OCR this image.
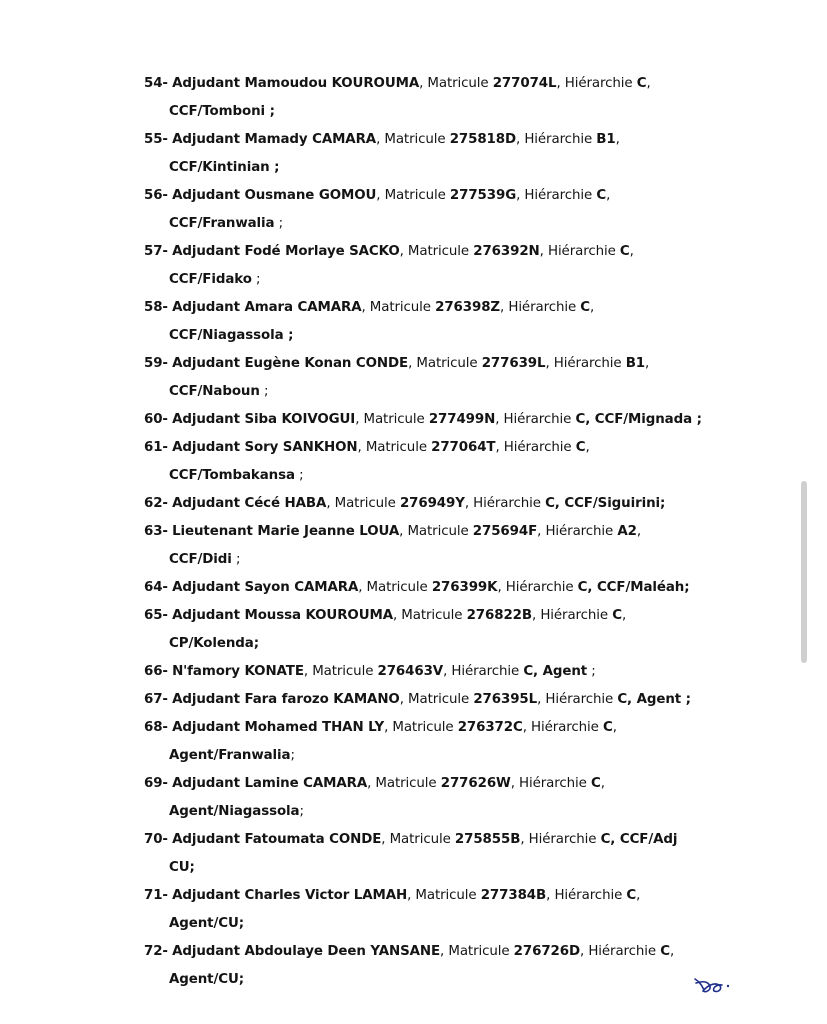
54- Adjudant Mamoudou KOUROUMA, Matricule 277074L, Hiérarchie C,
CCF/Tomboni ;
55- Adjudant Mamady CAMARA, Matricule 275818D, Hiérarchie B1,
CCF/Kintinian ;
56- Adjudant Ousmane GOMOU, Matricule 277539G, Hiérarchie C,
CCF/Franwalia ;
57- Adjudant Fodé Morlaye SACKO, Matricule 276392N, Hiérarchie C,
CCF/Fidako ;
58- Adjudant Amara CAMARA, Matricule 276398Z, Hiérarchie C,
CCF/Niagassola ;
59- Adjudant Eugène Konan CONDE, Matricule 277639L, Hiérarchie B1,
CCF/Naboun ;
60- Adjudant Siba KOIVOGUI, Matricule 277499N, Hiérarchie C, CCF/Mignada ;
61- Adjudant Sory SANKHON, Matricule 277064T, Hiérarchie C,
CCF/Tombakansa ;
62- Adjudant Cécé HABA, Matricule 276949Y, Hiérarchie C, CCF/Siguirini;
63- Lieutenant Marie Jeanne LOUA, Matricule 275694F, Hiérarchie A2,
CCF/Didi ;
64- Adjudant Sayon CAMARA, Matricule 276399K, Hiérarchie C, CCF/Maléah;
65- Adjudant Moussa KOUROUMA, Matricule 276822B, Hiérarchie C,
CP/Kolenda;
66- N'famory KONATE, Matricule 276463V, Hiérarchie C, Agent ;
67- Adjudant Fara farozo KAMANO, Matricule 276395L, Hiérarchie C, Agent ;
68- Adjudant Mohamed THAN LY, Matricule 276372C, Hiérarchie C,
Agent/Franwalia;
69- Adjudant Lamine CAMARA, Matricule 277626W, Hiérarchie C,
Agent/Niagassola;
70- Adjudant Fatoumata CONDE, Matricule 275855B, Hiérarchie C, CCF/Adj
CU;
71- Adjudant Charles Victor LAMAH, Matricule 277384B, Hiérarchie C,
Agent/CU;
72- Adjudant Abdoulaye Deen YANSANE, Matricule 276726D, Hiérarchie C,
Agent/CU;
